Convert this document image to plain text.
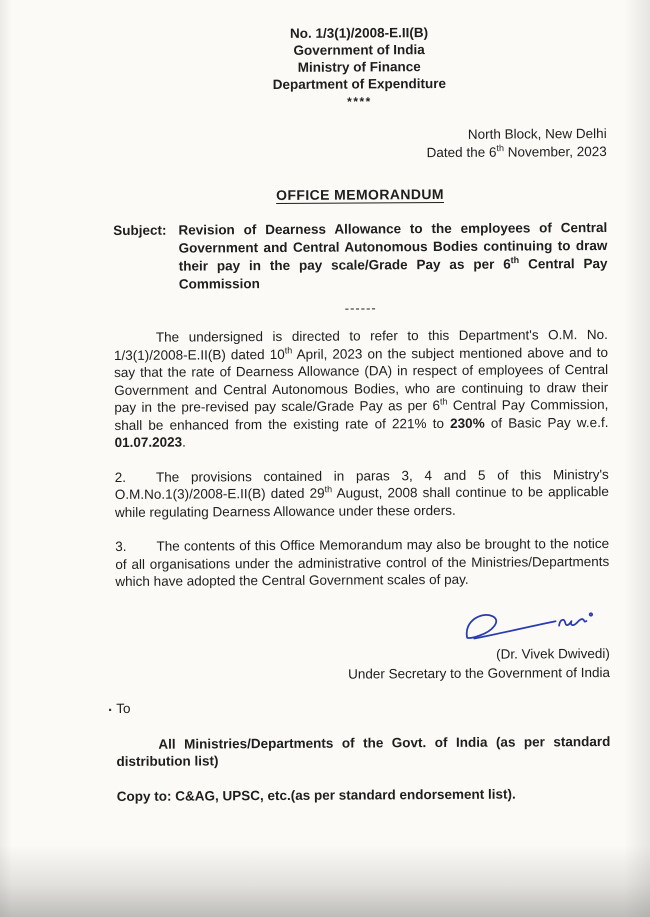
No. 1/3(1)/2008-E.II(B)
Government of India
Ministry of Finance
Department of Expenditure
****
North Block, New Delhi
Dated the 6th November, 2023
OFFICE MEMORANDUM
Subject: Revision of Dearness Allowance to the employees of Central Government and Central Autonomous Bodies continuing to draw their pay in the pay scale/Grade Pay as per 6th Central Pay Commission
------

The undersigned is directed to refer to this Department's O.M. No. 1/3(1)/2008-E.II(B) dated 10th April, 2023 on the subject mentioned above and to say that the rate of Dearness Allowance (DA) in respect of employees of Central Government and Central Autonomous Bodies, who are continuing to draw their pay in the pre-revised pay scale/Grade Pay as per 6th Central Pay Commission, shall be enhanced from the existing rate of 221% to 230% of Basic Pay w.e.f. 01.07.2023.

2. The provisions contained in paras 3, 4 and 5 of this Ministry's O.M.No.1(3)/2008-E.II(B) dated 29th August, 2008 shall continue to be applicable while regulating Dearness Allowance under these orders.

3. The contents of this Office Memorandum may also be brought to the notice of all organisations under the administrative control of the Ministries/Departments which have adopted the Central Government scales of pay.

(Dr. Vivek Dwivedi)
Under Secretary to the Government of India
To

All Ministries/Departments of the Govt. of India (as per standard distribution list)

Copy to: C&AG, UPSC, etc.(as per standard endorsement list).

.
